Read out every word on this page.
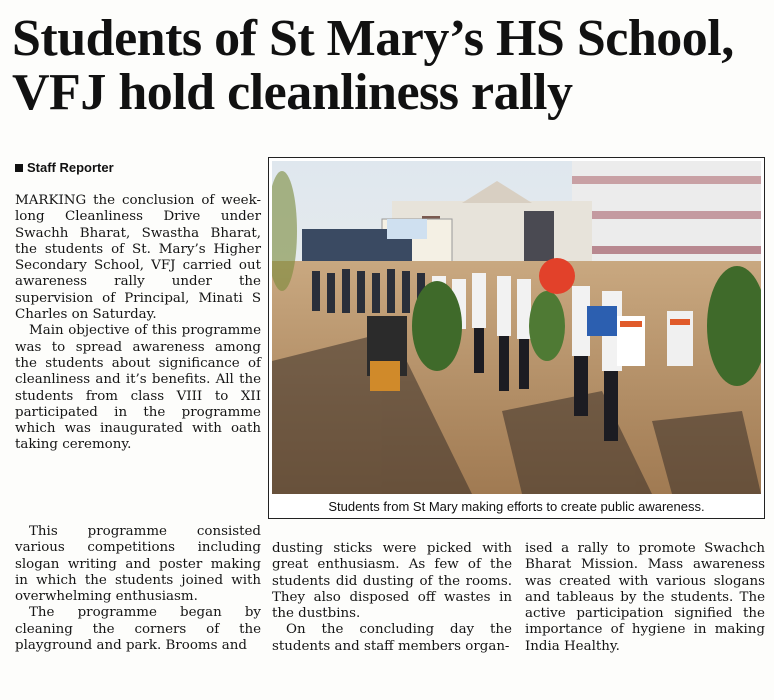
Students of St Mary’s HS School,
VFJ hold cleanliness rally
Staff Reporter

MARKING the conclusion of week-long Cleanliness Drive under Swachh Bharat, Swastha Bharat, the students of St. Mary’s Higher Secondary School, VFJ carried out awareness rally under the supervision of Principal, Minati S Charles on Saturday.

Main objective of this programme was to spread awareness among the students about significance of cleanliness and it’s benefits. All the students from class VIII to XII participated in the programme which was inaugurated with oath taking ceremony.

This programme consisted various competitions including slogan writing and poster making in which the students joined with overwhelming enthusiasm.

The programme began by cleaning the corners of the playground and park. Brooms and

dusting sticks were picked with great enthusiasm. As few of the students did dusting of the rooms. They also disposed off wastes in the dustbins.

On the concluding day the students and staff members organ-

ised a rally to promote Swachch Bharat Mission. Mass awareness was created with various slogans and tableaus by the students. The active participation signified the importance of hygiene in making India Healthy.

Students from St Mary making efforts to create public awareness.
